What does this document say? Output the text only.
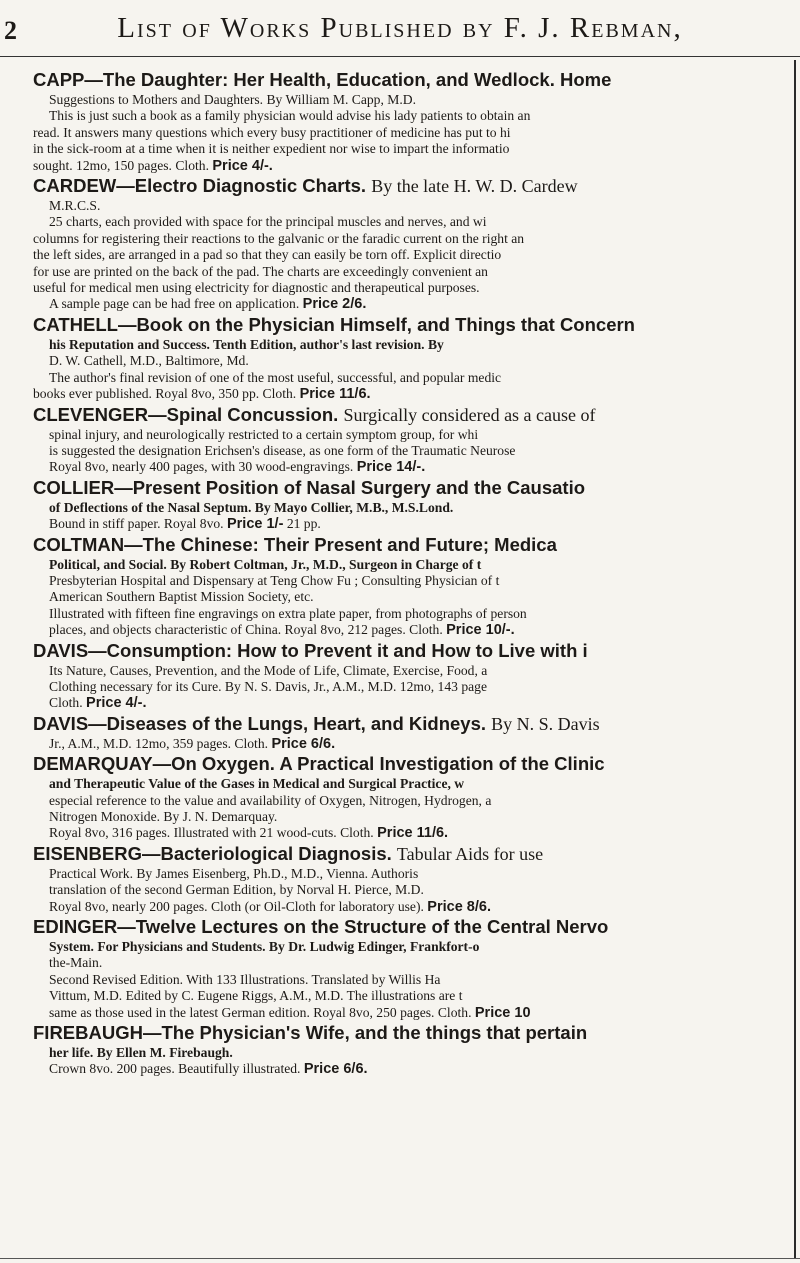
2	List of Works Published by F. J. Rebman,
CAPP—The Daughter: Her Health, Education, and Wedlock. Home
Suggestions to Mothers and Daughters. By William M. Capp, M.D.
This is just such a book as a family physician would advise his lady patients to obtain an
read. It answers many questions which every busy practitioner of medicine has put to hi
in the sick-room at a time when it is neither expedient nor wise to impart the informatio
sought. 12mo, 150 pages. Cloth. Price 4/-.
CARDEW—Electro Diagnostic Charts. By the late H. W. D. Cardew
M.R.C.S.
25 charts, each provided with space for the principal muscles and nerves, and wi
columns for registering their reactions to the galvanic or the faradic current on the right an
the left sides, are arranged in a pad so that they can easily be torn off. Explicit directio
for use are printed on the back of the pad. The charts are exceedingly convenient an
useful for medical men using electricity for diagnostic and therapeutical purposes.
A sample page can be had free on application. Price 2/6.
CATHELL—Book on the Physician Himself, and Things that Concern
his Reputation and Success. Tenth Edition, author's last revision. By
D. W. Cathell, M.D., Baltimore, Md.
The author's final revision of one of the most useful, successful, and popular medic
books ever published. Royal 8vo, 350 pp. Cloth. Price 11/6.
CLEVENGER—Spinal Concussion. Surgically considered as a cause of
spinal injury, and neurologically restricted to a certain symptom group, for whi
is suggested the designation Erichsen's disease, as one form of the Traumatic Neurose
Royal 8vo, nearly 400 pages, with 30 wood-engravings. Price 14/-.
COLLIER—Present Position of Nasal Surgery and the Causatio
of Deflections of the Nasal Septum. By Mayo Collier, M.B., M.S.Lond.
Bound in stiff paper. Royal 8vo. Price 1/- 21 pp.
COLTMAN—The Chinese: Their Present and Future; Medica
Political, and Social. By Robert Coltman, Jr., M.D., Surgeon in Charge of t
Presbyterian Hospital and Dispensary at Teng Chow Fu ; Consulting Physician of t
American Southern Baptist Mission Society, etc.
Illustrated with fifteen fine engravings on extra plate paper, from photographs of person
places, and objects characteristic of China. Royal 8vo, 212 pages. Cloth. Price 10/-.
DAVIS—Consumption: How to Prevent it and How to Live with i
Its Nature, Causes, Prevention, and the Mode of Life, Climate, Exercise, Food, a
Clothing necessary for its Cure. By N. S. Davis, Jr., A.M., M.D. 12mo, 143 page
Cloth. Price 4/-.
DAVIS—Diseases of the Lungs, Heart, and Kidneys. By N. S. Davis
Jr., A.M., M.D. 12mo, 359 pages. Cloth. Price 6/6.
DEMARQUAY—On Oxygen. A Practical Investigation of the Clinic
and Therapeutic Value of the Gases in Medical and Surgical Practice, w
especial reference to the value and availability of Oxygen, Nitrogen, Hydrogen, a
Nitrogen Monoxide. By J. N. Demarquay.
Royal 8vo, 316 pages. Illustrated with 21 wood-cuts. Cloth. Price 11/6.
EISENBERG—Bacteriological Diagnosis. Tabular Aids for use
Practical Work. By James Eisenberg, Ph.D., M.D., Vienna. Authoris
translation of the second German Edition, by Norval H. Pierce, M.D.
Royal 8vo, nearly 200 pages. Cloth (or Oil-Cloth for laboratory use). Price 8/6.
EDINGER—Twelve Lectures on the Structure of the Central Nervo
System. For Physicians and Students. By Dr. Ludwig Edinger, Frankfort-o
the-Main.
Second Revised Edition. With 133 Illustrations. Translated by Willis Ha
Vittum, M.D. Edited by C. Eugene Riggs, A.M., M.D. The illustrations are t
same as those used in the latest German edition. Royal 8vo, 250 pages. Cloth. Price 10
FIREBAUGH—The Physician's Wife, and the things that pertain
her life. By Ellen M. Firebaugh.
Crown 8vo. 200 pages. Beautifully illustrated. Price 6/6.
